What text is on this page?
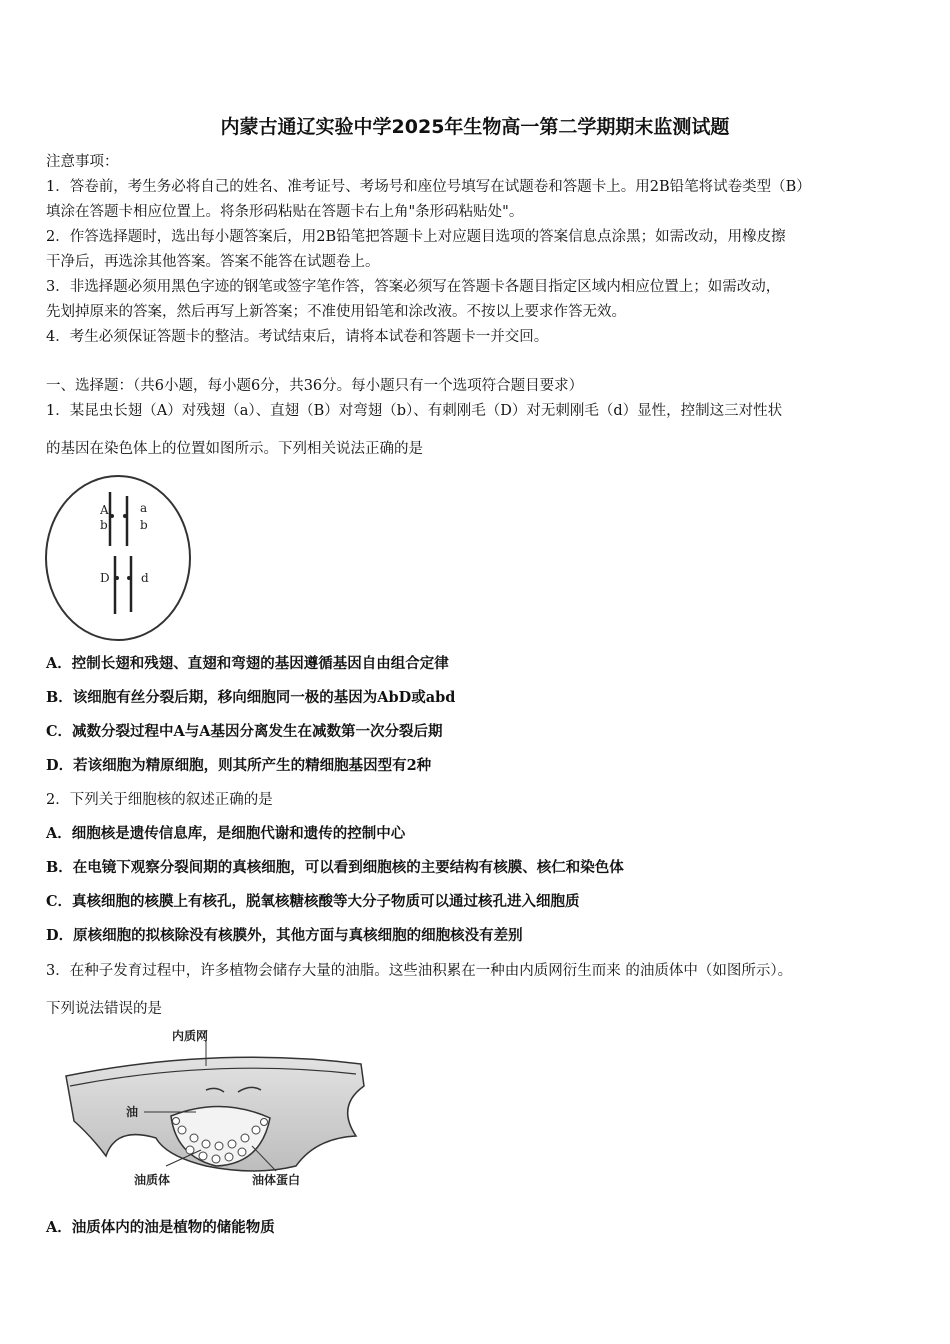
内蒙古通辽实验中学2025年生物高一第二学期期末监测试题
注意事项：
1．答卷前，考生务必将自己的姓名、准考证号、考场号和座位号填写在试题卷和答题卡上。用2B铅笔将试卷类型（B）
填涂在答题卡相应位置上。将条形码粘贴在答题卡右上角"条形码粘贴处"。
2．作答选择题时，选出每小题答案后，用2B铅笔把答题卡上对应题目选项的答案信息点涂黑；如需改动，用橡皮擦
干净后，再选涂其他答案。答案不能答在试题卷上。
3．非选择题必须用黑色字迹的钢笔或签字笔作答，答案必须写在答题卡各题目指定区域内相应位置上；如需改动，
先划掉原来的答案，然后再写上新答案；不准使用铅笔和涂改液。不按以上要求作答无效。
4．考生必须保证答题卡的整洁。考试结束后，请将本试卷和答题卡一并交回。
一、选择题：（共6小题，每小题6分，共36分。每小题只有一个选项符合题目要求）
1．某昆虫长翅（A）对残翅（a）、直翅（B）对弯翅（b）、有刺刚毛（D）对无刺刚毛（d）显性，控制这三对性状
的基因在染色体上的位置如图所示。下列相关说法正确的是
A
b
a
b
D	d
A．控制长翅和残翅、直翅和弯翅的基因遵循基因自由组合定律
B．该细胞有丝分裂后期，移向细胞同一极的基因为AbD或abd
C．减数分裂过程中A与A基因分离发生在减数第一次分裂后期
D．若该细胞为精原细胞，则其所产生的精细胞基因型有2种
2．下列关于细胞核的叙述正确的是
A．细胞核是遗传信息库，是细胞代谢和遗传的控制中心
B．在电镜下观察分裂间期的真核细胞，可以看到细胞核的主要结构有核膜、核仁和染色体
C．真核细胞的核膜上有核孔，脱氧核糖核酸等大分子物质可以通过核孔进入细胞质
D．原核细胞的拟核除没有核膜外，其他方面与真核细胞的细胞核没有差别
3．在种子发育过程中，许多植物会储存大量的油脂。这些油积累在一种由内质网衍生而来 的油质体中（如图所示）。
下列说法错误的是
内质网
油
油质体	油体蛋白
A．油质体内的油是植物的储能物质
